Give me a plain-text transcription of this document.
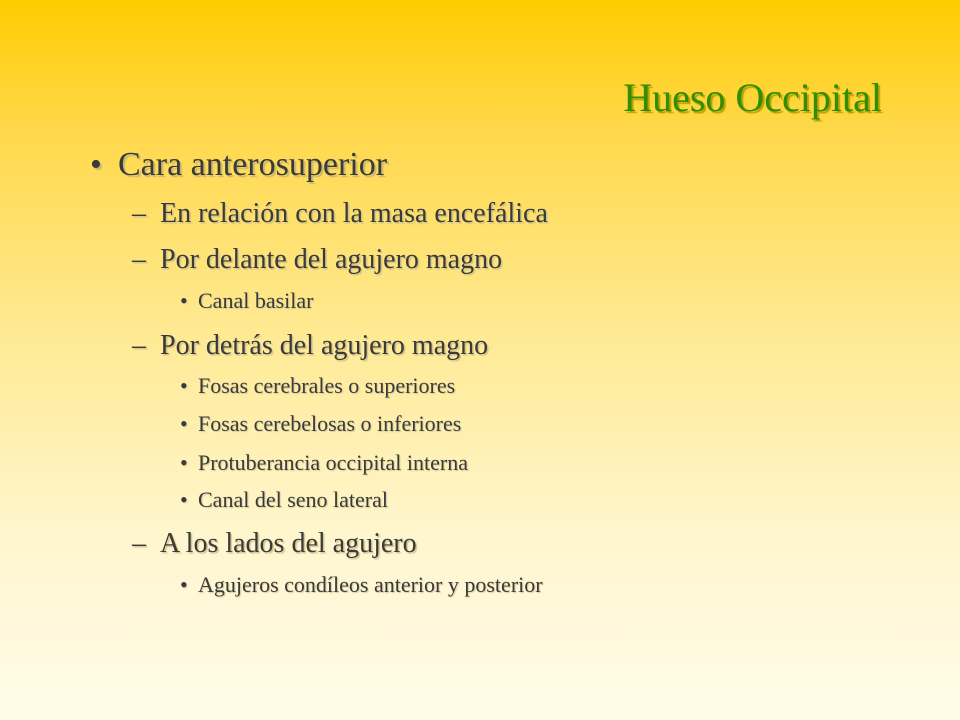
Hueso Occipital
• Cara anterosuperior
– En relación con la masa encefálica
– Por delante del agujero magno
• Canal basilar
– Por detrás del agujero magno
• Fosas cerebrales o superiores
• Fosas cerebelosas o inferiores
• Protuberancia occipital interna
• Canal del seno lateral
– A los lados del agujero
• Agujeros condíleos anterior y posterior
